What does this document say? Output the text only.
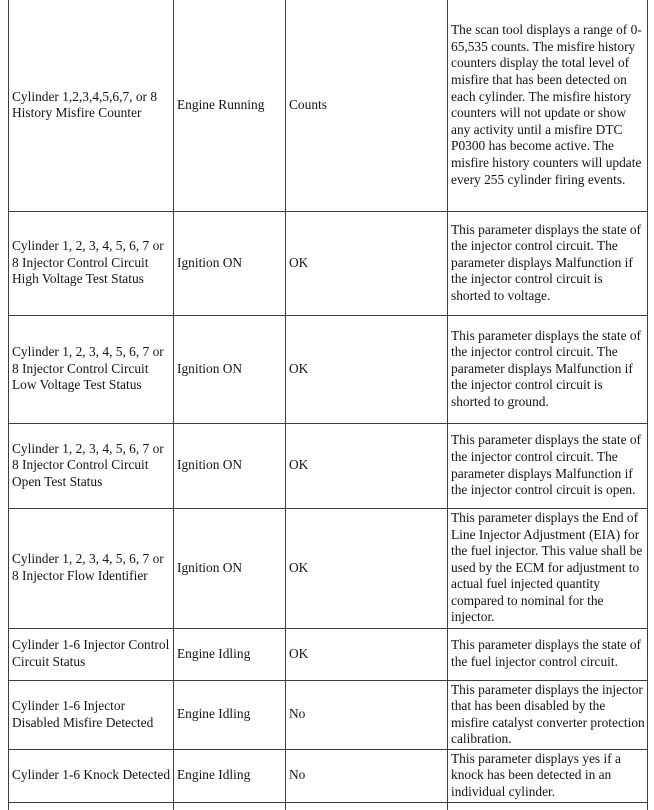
Cylinder 1,2,3,4,5,6,7, or 8 History Misfire Counter	Engine Running	Counts	The scan tool displays a range of 0-65,535 counts. The misfire history counters display the total level of misfire that has been detected on each cylinder. The misfire history counters will not update or show any activity until a misfire DTC P0300 has become active. The misfire history counters will update every 255 cylinder firing events.
Cylinder 1, 2, 3, 4, 5, 6, 7 or 8 Injector Control Circuit High Voltage Test Status	Ignition ON	OK	This parameter displays the state of the injector control circuit. The parameter displays Malfunction if the injector control circuit is shorted to voltage.
Cylinder 1, 2, 3, 4, 5, 6, 7 or 8 Injector Control Circuit Low Voltage Test Status	Ignition ON	OK	This parameter displays the state of the injector control circuit. The parameter displays Malfunction if the injector control circuit is shorted to ground.
Cylinder 1, 2, 3, 4, 5, 6, 7 or 8 Injector Control Circuit Open Test Status	Ignition ON	OK	This parameter displays the state of the injector control circuit. The parameter displays Malfunction if the injector control circuit is open.
Cylinder 1, 2, 3, 4, 5, 6, 7 or 8 Injector Flow Identifier	Ignition ON	OK	This parameter displays the End of Line Injector Adjustment (EIA) for the fuel injector. This value shall be used by the ECM for adjustment to actual fuel injected quantity compared to nominal for the injector.
Cylinder 1-6 Injector Control Circuit Status	Engine Idling	OK	This parameter displays the state of the fuel injector control circuit.
Cylinder 1-6 Injector Disabled Misfire Detected	Engine Idling	No	This parameter displays the injector that has been disabled by the misfire catalyst converter protection calibration.
Cylinder 1-6 Knock Detected	Engine Idling	No	This parameter displays yes if a knock has been detected in an individual cylinder.
